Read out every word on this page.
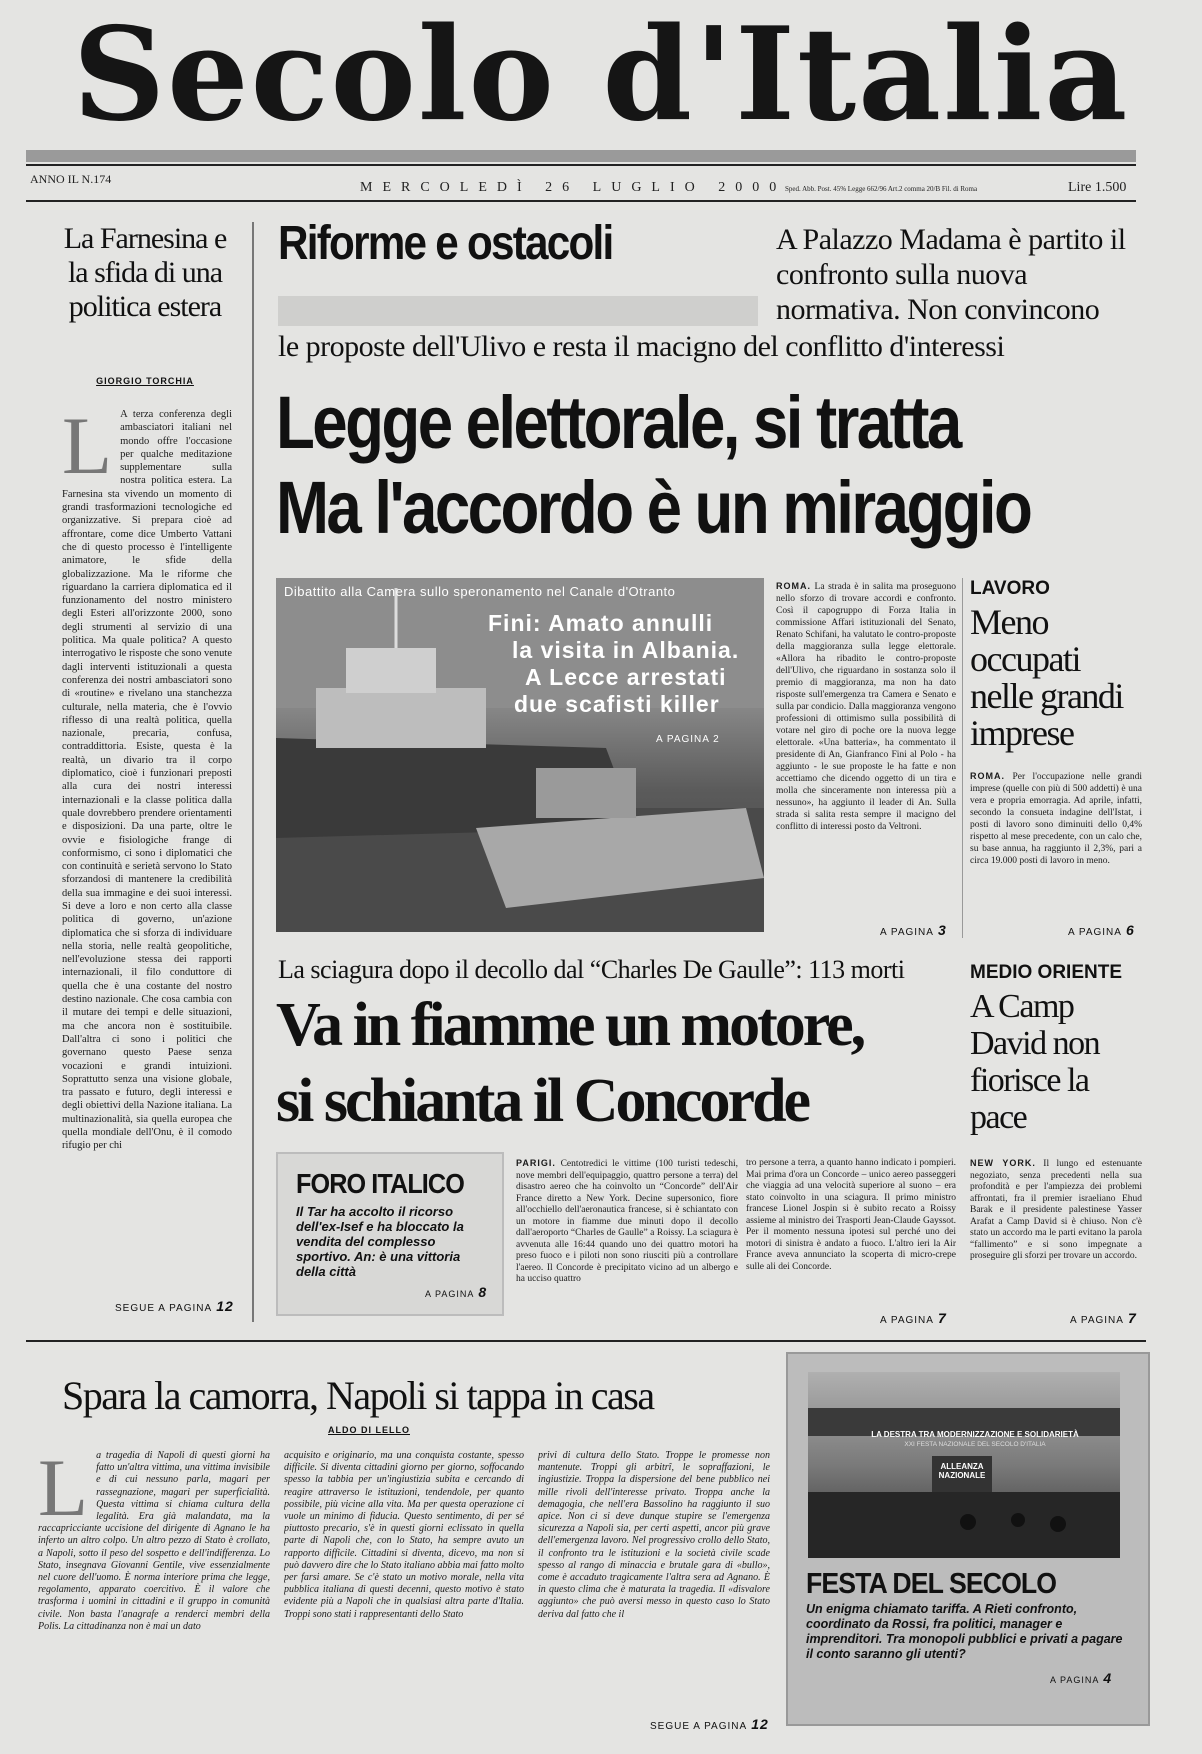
Secolo d'Italia
ANNO IL N.174
MERCOLEDÌ 26 LUGLIO 2000
Sped. Abb. Post. 45% Legge 662/96 Art.2 comma 20/B Fil. di Roma	Lire 1.500
La Farnesina e la sfida di una politica estera
GIORGIO TORCHIA
L A terza conferenza degli ambasciatori italiani nel mondo offre l'occasione per qualche meditazione supplementare sulla nostra politica estera. La Farnesina sta vivendo un momento di grandi trasformazioni tecnologiche ed organizzative. Si prepara cioè ad affrontare, come dice Umberto Vattani che di questo processo è l'intelligente animatore, le sfide della globalizzazione. Ma le riforme che riguardano la carriera diplomatica ed il funzionamento del nostro ministero degli Esteri all'orizzonte 2000, sono degli strumenti al servizio di una politica. Ma quale politica? A questo interrogativo le risposte che sono venute dagli interventi istituzionali a questa conferenza dei nostri ambasciatori sono di «routine» e rivelano una stanchezza culturale, nella materia, che è l'ovvio riflesso di una realtà politica, quella nazionale, precaria, confusa, contraddittoria. Esiste, questa è la realtà, un divario tra il corpo diplomatico, cioè i funzionari preposti alla cura dei nostri interessi internazionali e la classe politica dalla quale dovrebbero prendere orientamenti e disposizioni. Da una parte, oltre le ovvie e fisiologiche frange di conformismo, ci sono i diplomatici che con continuità e serietà servono lo Stato sforzandosi di mantenere la credibilità della sua immagine e dei suoi interessi. Si deve a loro e non certo alla classe politica di governo, un'azione diplomatica che si sforza di individuare nella storia, nelle realtà geopolitiche, nell'evoluzione stessa dei rapporti internazionali, il filo conduttore di quella che è una costante del nostro destino nazionale. Che cosa cambia con il mutare dei tempi e delle situazioni, ma che ancora non è sostituibile. Dall'altra ci sono i politici che governano questo Paese senza vocazioni e grandi intuizioni. Soprattutto senza una visione globale, tra passato e futuro, degli interessi e degli obiettivi della Nazione italiana. La multinazionalità, sia quella europea che quella mondiale dell'Onu, è il comodo rifugio per chi
SEGUE A PAGINA 12
Riforme e ostacoli	A Palazzo Madama è partito il confronto sulla nuova normativa. Non convincono
le proposte dell'Ulivo e resta il macigno del conflitto d'interessi
Legge elettorale, si tratta
Ma l'accordo è un miraggio
Dibattito alla Camera sullo speronamento nel Canale d'Otranto
Fini: Amato annulli
la visita in Albania.
A Lecce arrestati
due scafisti killer
A PAGINA 2
ROMA. La strada è in salita ma proseguono nello sforzo di trovare accordi e confronto. Così il capogruppo di Forza Italia in commissione Affari istituzionali del Senato, Renato Schifani, ha valutato le contro-proposte della maggioranza sulla legge elettorale. «Allora ha ribadito le contro-proposte dell'Ulivo, che riguardano in sostanza solo il premio di maggioranza, ma non ha dato risposte sull'emergenza tra Camera e Senato e sulla par condicio. Dalla maggioranza vengono professioni di ottimismo sulla possibilità di votare nel giro di poche ore la nuova legge elettorale. «Una batteria», ha commentato il presidente di An, Gianfranco Fini al Polo - ha aggiunto - le sue proposte le ha fatte e non accettiamo che dicendo oggetto di un tira e molla che sinceramente non interessa più a nessuno», ha aggiunto il leader di An. Sulla strada si salita resta sempre il macigno del conflitto di interessi posto da Veltroni.
A PAGINA 3
LAVORO
Meno occupati nelle grandi imprese
ROMA. Per l'occupazione nelle grandi imprese (quelle con più di 500 addetti) è una vera e propria emorragia. Ad aprile, infatti, secondo la consueta indagine dell'Istat, i posti di lavoro sono diminuiti dello 0,4% rispetto al mese precedente, con un calo che, su base annua, ha raggiunto il 2,3%, pari a circa 19.000 posti di lavoro in meno.
A PAGINA 6
La sciagura dopo il decollo dal “Charles De Gaulle”: 113 morti
Va in fiamme un motore,
si schianta il Concorde
FORO ITALICO
Il Tar ha accolto il ricorso dell'ex-Isef e ha bloccato la vendita del complesso sportivo. An: è una vittoria della città
A PAGINA 8
PARIGI. Centotredici le vittime (100 turisti tedeschi, nove membri dell'equipaggio, quattro persone a terra) del disastro aereo che ha coinvolto un “Concorde” dell'Air France diretto a New York. Decine supersonico, fiore all'occhiello dell'aeronautica francese, si è schiantato con un motore in fiamme due minuti dopo il decollo dall'aeroporto “Charles de Gaulle” a Roissy. La sciagura è avvenuta alle 16:44 quando uno dei quattro motori ha preso fuoco e i piloti non sono riusciti più a controllare l'aereo. Il Concorde è precipitato vicino ad un albergo e ha ucciso quattro
tro persone a terra, a quanto hanno indicato i pompieri. Mai prima d'ora un Concorde – unico aereo passeggeri che viaggia ad una velocità superiore al suono – era stato coinvolto in una sciagura. Il primo ministro francese Lionel Jospin si è subito recato a Roissy assieme al ministro dei Trasporti Jean-Claude Gayssot. Per il momento nessuna ipotesi sul perché uno dei motori di sinistra è andato a fuoco. L'altro ieri la Air France aveva annunciato la scoperta di micro-crepe sulle ali dei Concorde.
A PAGINA 7
MEDIO ORIENTE
A Camp David non fiorisce la pace
NEW YORK. Il lungo ed estenuante negoziato, senza precedenti nella sua profondità e per l'ampiezza dei problemi affrontati, fra il premier israeliano Ehud Barak e il presidente palestinese Yasser Arafat a Camp David si è chiuso. Non c'è stato un accordo ma le parti evitano la parola “fallimento” e si sono impegnate a proseguire gli sforzi per trovare un accordo.
A PAGINA 7
Spara la camorra, Napoli si tappa in casa
ALDO DI LELLO
La tragedia di Napoli di questi giorni ha fatto un'altra vittima, una vittima invisibile e di cui nessuno parla, magari per rassegnazione, magari per superficialità. Questa vittima si chiama cultura della legalità. Era già malandata, ma la raccapricciante uccisione del dirigente di Agnano le ha inferto un altro colpo. Un altro pezzo di Stato è crollato, a Napoli, sotto il peso del sospetto e dell'indifferenza. Lo Stato, insegnava Giovanni Gentile, vive essenzialmente nel cuore dell'uomo. È norma interiore prima che legge, regolamento, apparato coercitivo. È il valore che trasforma i uomini in cittadini e il gruppo in comunità civile. Non basta l'anagrafe a renderci membri della Polis. La cittadinanza non è mai un dato
acquisito e originario, ma una conquista costante, spesso difficile. Si diventa cittadini giorno per giorno, soffocando spesso la tabbia per un'ingiustizia subita e cercando di reagire attraverso le istituzioni, tendendole, per quanto possibile, più vicine alla vita. Ma per questa operazione ci vuole un minimo di fiducia. Questo sentimento, di per sé piuttosto precario, s'è in questi giorni eclissato in quella parte di Napoli che, con lo Stato, ha sempre avuto un rapporto difficile. Cittadini si diventa, dicevo, ma non si può davvero dire che lo Stato italiano abbia mai fatto molto per farsi amare. Se c'è stato un motivo morale, nella vita pubblica italiana di questi decenni, questo motivo è stato evidente più a Napoli che in qualsiasi altra parte d'Italia. Troppi sono stati i rappresentanti dello Stato
privi di cultura dello Stato. Troppe le promesse non mantenute. Troppi gli arbitrî, le sopraffazioni, le ingiustizie. Troppa la dispersione del bene pubblico nei mille rivoli dell'interesse privato. Troppa anche la demagogia, che nell'era Bassolino ha raggiunto il suo apice. Non ci si deve dunque stupire se l'emergenza sicurezza a Napoli sia, per certi aspetti, ancor più grave dell'emergenza lavoro. Nel progressivo crollo dello Stato, il confronto tra le istituzioni e la società civile scade spesso al rango di minaccia e brutale gara di «bullo», come è accaduto tragicamente l'altra sera ad Agnano. È in questo clima che è maturata la tragedia. Il «disvalore aggiunto» che può aversi messo in questo caso lo Stato deriva dal fatto che il
SEGUE A PAGINA 12
LA DESTRA TRA MODERNIZZAZIONE E SOLIDARIETÀ
XXI FESTA NAZIONALE DEL SECOLO D'ITALIA
ALLEANZA NAZIONALE
FESTA DEL SECOLO
Un enigma chiamato tariffa. A Rieti confronto, coordinato da Rossi, fra politici, manager e imprenditori. Tra monopoli pubblici e privati a pagare il conto saranno gli utenti?
A PAGINA 4
